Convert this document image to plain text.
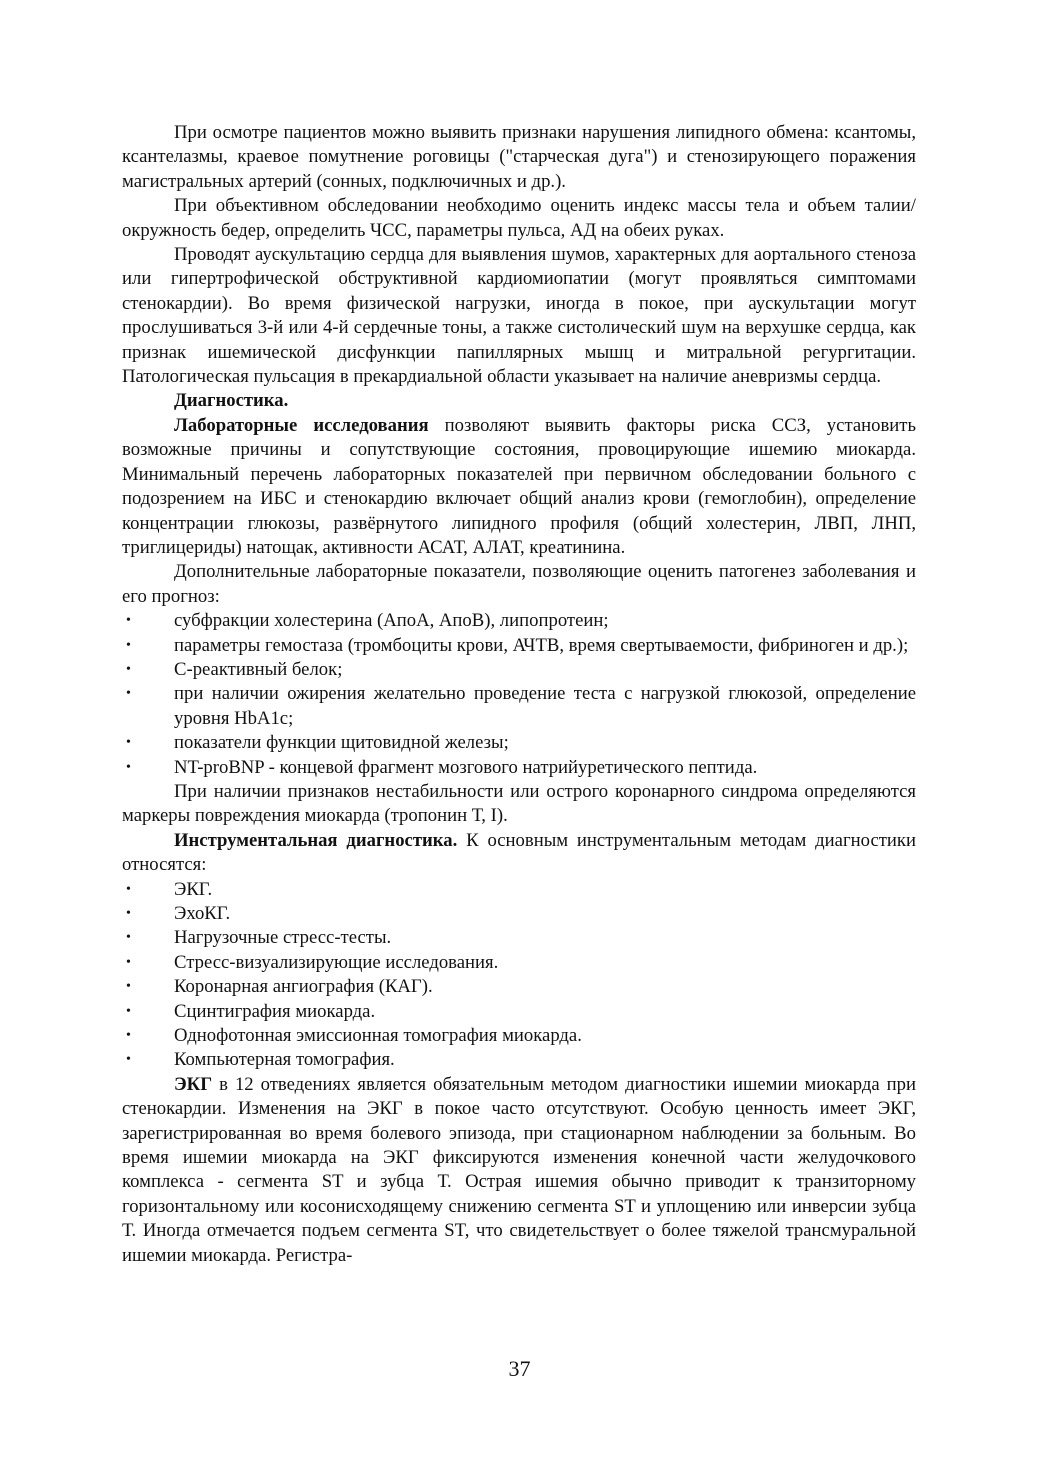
При осмотре пациентов можно выявить признаки нарушения липидного обмена: ксантомы, ксантелазмы, краевое помутнение роговицы ("старческая дуга") и стенозирующего поражения магистральных артерий (сонных, подключичных и др.).

При объективном обследовании необходимо оценить индекс массы тела и объем талии/окружность бедер, определить ЧСС, параметры пульса, АД на обеих руках.

Проводят аускультацию сердца для выявления шумов, характерных для аортального стеноза или гипертрофической обструктивной кардиомиопатии (могут проявляться симптомами стенокардии). Во время физической нагрузки, иногда в покое, при аускультации могут прослушиваться 3-й или 4-й сердечные тоны, а также систолический шум на верхушке сердца, как признак ишемической дисфункции папиллярных мышц и митральной регургитации. Патологическая пульсация в прекардиальной области указывает на наличие аневризмы сердца.

Диагностика.

Лабораторные исследования позволяют выявить факторы риска ССЗ, установить возможные причины и сопутствующие состояния, провоцирующие ишемию миокарда. Минимальный перечень лабораторных показателей при первичном обследовании больного с подозрением на ИБС и стенокардию включает общий анализ крови (гемоглобин), определение концентрации глюкозы, развёрнутого липидного профиля (общий холестерин, ЛВП, ЛНП, триглицериды) натощак, активности АСАТ, АЛАТ, креатинина.

Дополнительные лабораторные показатели, позволяющие оценить патогенез заболевания и его прогноз:

• субфракции холестерина (АпоА, АпоВ), липопротеин;
• параметры гемостаза (тромбоциты крови, АЧТВ, время свертываемости, фибриноген и др.);
• С-реактивный белок;
• при наличии ожирения желательно проведение теста с нагрузкой глюкозой, определение уровня HbA1c;
• показатели функции щитовидной железы;
• NT-proBNP - концевой фрагмент мозгового натрийуретического пептида.

При наличии признаков нестабильности или острого коронарного синдрома определяются маркеры повреждения миокарда (тропонин Т, I).

Инструментальная диагностика. К основным инструментальным методам диагностики относятся:

• ЭКГ.
• ЭхоКГ.
• Нагрузочные стресс-тесты.
• Стресс-визуализирующие исследования.
• Коронарная ангиография (КАГ).
• Сцинтиграфия миокарда.
• Однофотонная эмиссионная томография миокарда.
• Компьютерная томография.

ЭКГ в 12 отведениях является обязательным методом диагностики ишемии миокарда при стенокардии. Изменения на ЭКГ в покое часто отсутствуют. Особую ценность имеет ЭКГ, зарегистрированная во время болевого эпизода, при стационарном наблюдении за больным. Во время ишемии миокарда на ЭКГ фиксируются изменения конечной части желудочкового комплекса - сегмента ST и зубца Т. Острая ишемия обычно приводит к транзиторному горизонтальному или косонисходящему снижению сегмента ST и уплощению или инверсии зубца Т. Иногда отмечается подъем сегмента ST, что свидетельствует о более тяжелой трансмуральной ишемии миокарда. Регистра-

37
